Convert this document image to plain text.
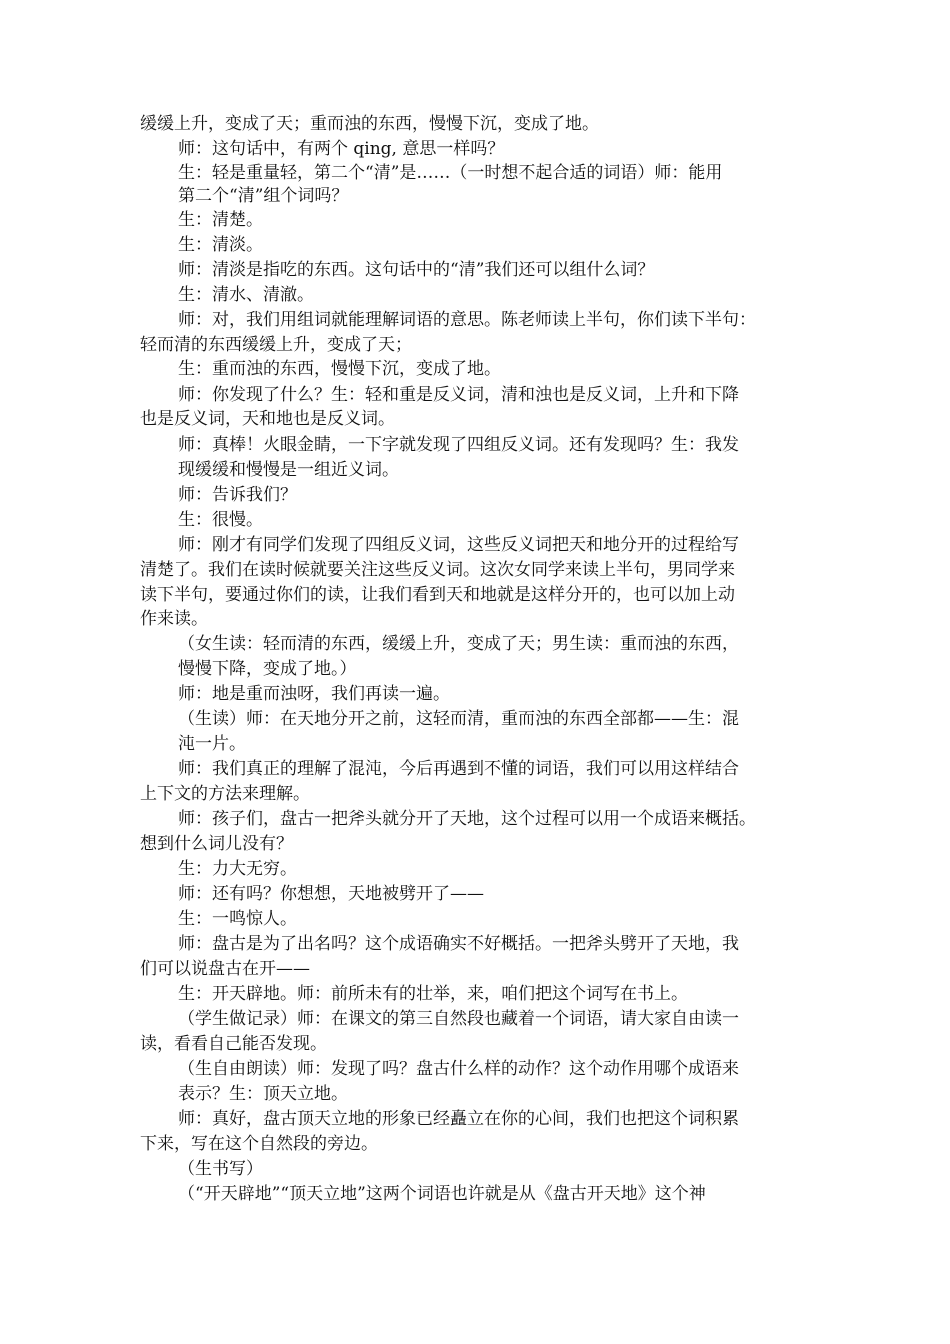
缓缓上升，变成了天；重而浊的东西，慢慢下沉，变成了地。
师：这句话中，有两个 qing, 意思一样吗？
生：轻是重量轻，第二个“清”是……（一时想不起合适的词语）师：能用
第二个“清”组个词吗？
生：清楚。
生：清淡。
师：清淡是指吃的东西。这句话中的“清”我们还可以组什么词？
生：清水、清澈。
师：对，我们用组词就能理解词语的意思。陈老师读上半句，你们读下半句：
轻而清的东西缓缓上升，变成了天；
生：重而浊的东西，慢慢下沉，变成了地。
师：你发现了什么？生：轻和重是反义词，清和浊也是反义词，上升和下降
也是反义词，天和地也是反义词。
师：真棒！火眼金睛，一下字就发现了四组反义词。还有发现吗？生：我发
现缓缓和慢慢是一组近义词。
师：告诉我们？
生：很慢。
师：刚才有同学们发现了四组反义词，这些反义词把天和地分开的过程给写
清楚了。我们在读时候就要关注这些反义词。这次女同学来读上半句，男同学来
读下半句，要通过你们的读，让我们看到天和地就是这样分开的，也可以加上动
作来读。
（女生读：轻而清的东西，缓缓上升，变成了天；男生读：重而浊的东西，
慢慢下降，变成了地。）
师：地是重而浊呀，我们再读一遍。
（生读）师：在天地分开之前，这轻而清，重而浊的东西全部都——生：混
沌一片。
师：我们真正的理解了混沌，今后再遇到不懂的词语，我们可以用这样结合
上下文的方法来理解。
师：孩子们，盘古一把斧头就分开了天地，这个过程可以用一个成语来概括。
想到什么词儿没有？
生：力大无穷。
师：还有吗？你想想，天地被劈开了——
生：一鸣惊人。
师：盘古是为了出名吗？这个成语确实不好概括。一把斧头劈开了天地，我
们可以说盘古在开——
生：开天辟地。师：前所未有的壮举，来，咱们把这个词写在书上。
（学生做记录）师：在课文的第三自然段也藏着一个词语，请大家自由读一
读，看看自己能否发现。
（生自由朗读）师：发现了吗？盘古什么样的动作？这个动作用哪个成语来
表示？生：顶天立地。
师：真好，盘古顶天立地的形象已经矗立在你的心间，我们也把这个词积累
下来，写在这个自然段的旁边。
（生书写）
（“开天辟地”“顶天立地”这两个词语也许就是从《盘古开天地》这个神
